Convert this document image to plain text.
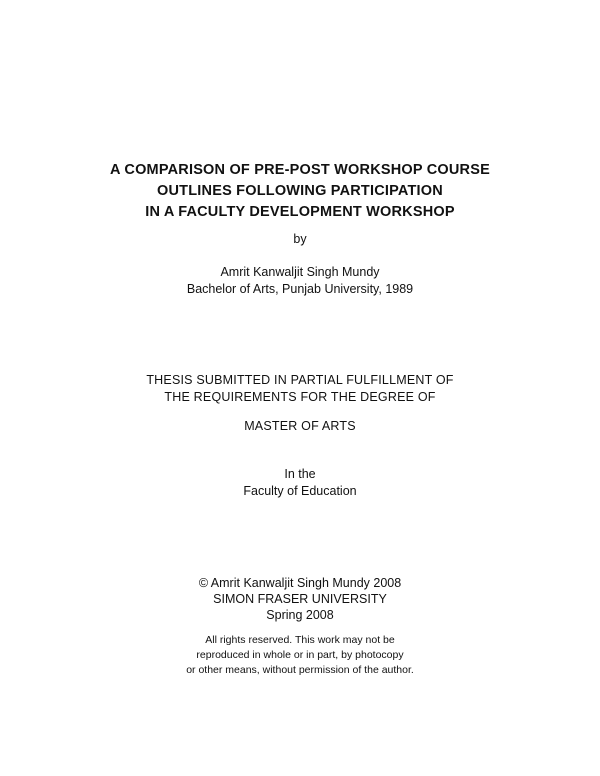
A COMPARISON OF PRE-POST WORKSHOP COURSE
OUTLINES FOLLOWING PARTICIPATION
IN A FACULTY DEVELOPMENT WORKSHOP
by
Amrit Kanwaljit Singh Mundy
Bachelor of Arts, Punjab University, 1989
THESIS SUBMITTED IN PARTIAL FULFILLMENT OF
THE REQUIREMENTS FOR THE DEGREE OF
MASTER OF ARTS
In the
Faculty of Education
© Amrit Kanwaljit Singh Mundy 2008
SIMON FRASER UNIVERSITY
Spring 2008
All rights reserved. This work may not be
reproduced in whole or in part, by photocopy
or other means, without permission of the author.
